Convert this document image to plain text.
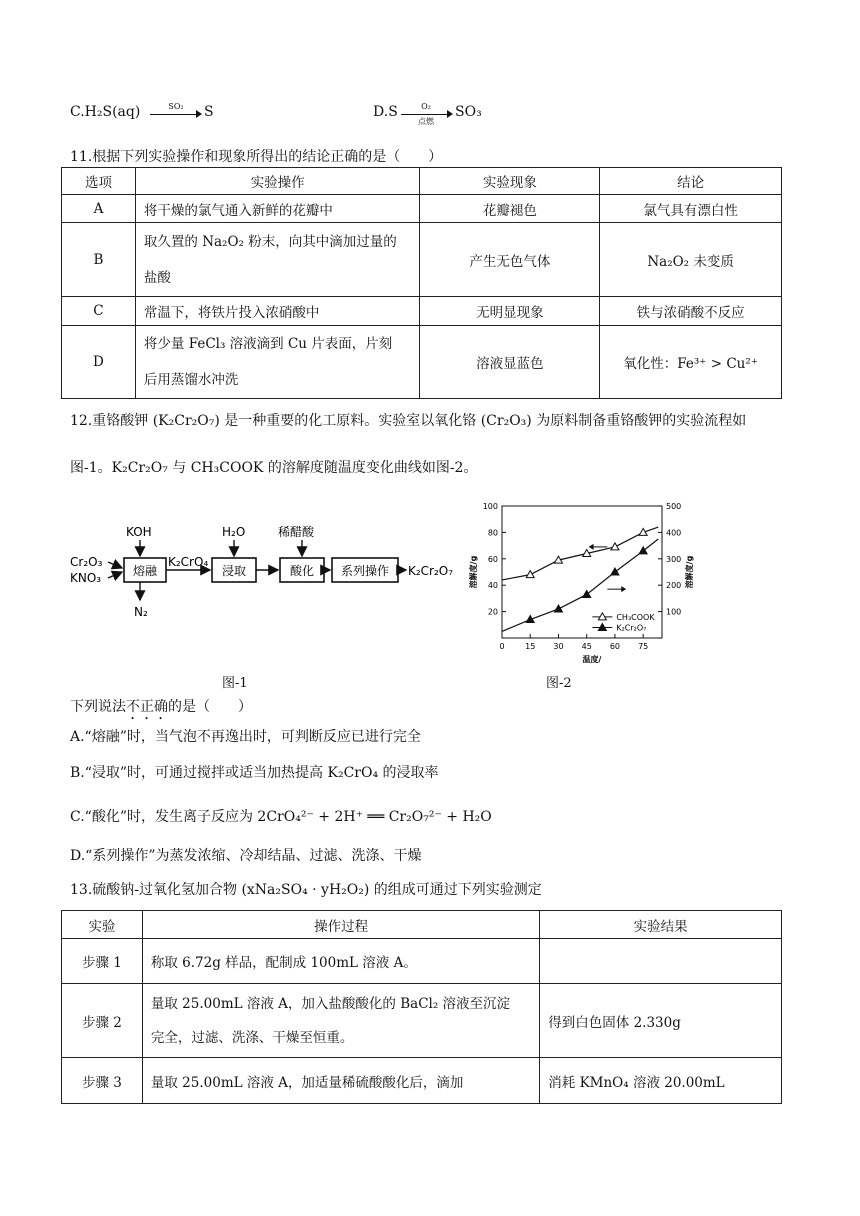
C.H₂S(aq)	SO₂	S	D.S	O₂
点燃
SO₃
11.根据下列实验操作和现象所得出的结论正确的是（　　）
选项	实验操作	实验现象	结论
A	将干燥的氯气通入新鲜的花瓣中	花瓣褪色	氯气具有漂白性
B	取久置的 Na₂O₂ 粉末，向其中滴加过量的
盐酸	产生无色气体	Na₂O₂ 未变质
C	常温下，将铁片投入浓硝酸中	无明显现象	铁与浓硝酸不反应
D	将少量 FeCl₃ 溶液滴到 Cu 片表面，片刻
后用蒸馏水冲洗	溶液显蓝色	氧化性：Fe³⁺ > Cu²⁺
12.重铬酸钾 (K₂Cr₂O₇) 是一种重要的化工原料。实验室以氧化铬 (Cr₂O₃) 为原料制备重铬酸钾的实验流程如
图-1。K₂Cr₂O₇ 与 CH₃COOK 的溶解度随温度变化曲线如图-2。
Cr₂O₃
KNO₃
KOH
熔融
N₂
K₂CrO₄
H₂O
浸取
稀醋酸
酸化 系列操作 K₂Cr₂O₇
图-1
20
40
60
80
100
100
200
300
400
500
0	15 30 45 60 75
温度/
溶解度/g	溶解度/g
CH₃COOK
K₂Cr₂O₇
图-2
下列说法不正确的是（　　）
A.“熔融”时，当气泡不再逸出时，可判断反应已进行完全
B.“浸取”时，可通过搅拌或适当加热提高 K₂CrO₄ 的浸取率
C.“酸化”时，发生离子反应为 2CrO₄²⁻ + 2H⁺ ══ Cr₂O₇²⁻ + H₂O
D.“系列操作”为蒸发浓缩、冷却结晶、过滤、洗涤、干燥
13.硫酸钠-过氧化氢加合物 (xNa₂SO₄ · yH₂O₂) 的组成可通过下列实验测定
实验	操作过程	实验结果
步骤 1	称取 6.72g 样品，配制成 100mL 溶液 A。	
步骤 2	量取 25.00mL 溶液 A，加入盐酸酸化的 BaCl₂ 溶液至沉淀
完全，过滤、洗涤、干燥至恒重。	得到白色固体 2.330g
步骤 3	量取 25.00mL 溶液 A，加适量稀硫酸酸化后，滴加	消耗 KMnO₄ 溶液 20.00mL
